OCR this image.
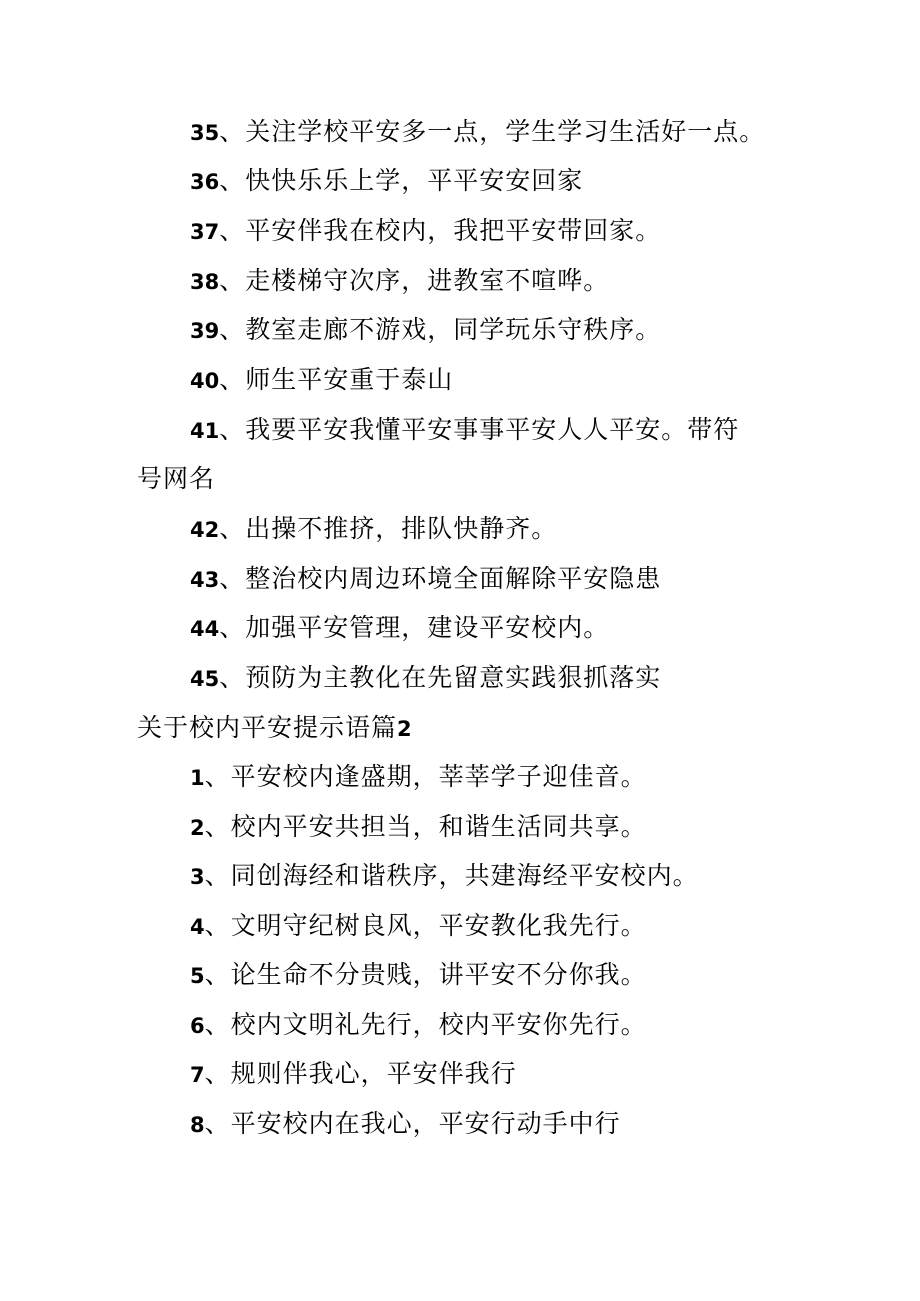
35、关注学校平安多一点，学生学习生活好一点。
36、快快乐乐上学，平平安安回家
37、平安伴我在校内，我把平安带回家。
38、走楼梯守次序，进教室不喧哗。
39、教室走廊不游戏，同学玩乐守秩序。
40、师生平安重于泰山
41、我要平安我懂平安事事平安人人平安。带符
号网名
42、出操不推挤，排队快静齐。
43、整治校内周边环境全面解除平安隐患
44、加强平安管理，建设平安校内。
45、预防为主教化在先留意实践狠抓落实
关于校内平安提示语篇2
1、平安校内逢盛期，莘莘学子迎佳音。
2、校内平安共担当，和谐生活同共享。
3、同创海经和谐秩序，共建海经平安校内。
4、文明守纪树良风，平安教化我先行。
5、论生命不分贵贱，讲平安不分你我。
6、校内文明礼先行，校内平安你先行。
7、规则伴我心，平安伴我行
8、平安校内在我心，平安行动手中行
